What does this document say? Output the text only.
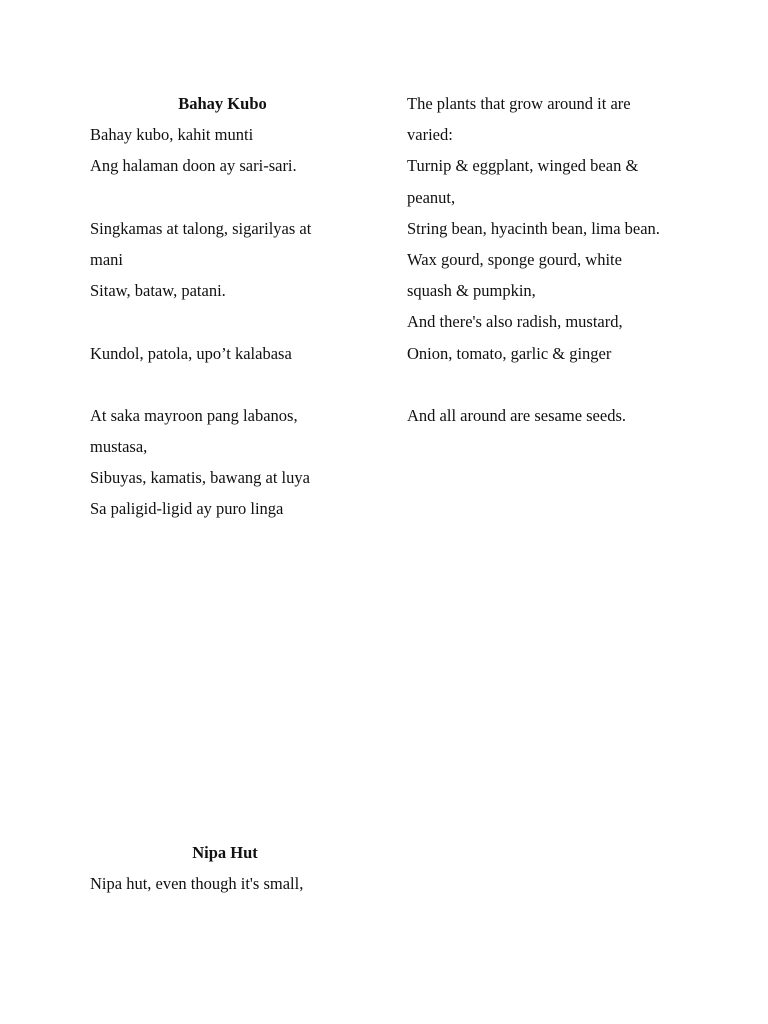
Bahay Kubo
Bahay kubo, kahit munti
Ang halaman doon ay sari-sari.
Singkamas at talong, sigarilyas at
mani
Sitaw, bataw, patani.
Kundol, patola, upo’t kalabasa
At saka mayroon pang labanos,
mustasa,
Sibuyas, kamatis, bawang at luya
Sa paligid-ligid ay puro linga
The plants that grow around it are
varied:
Turnip & eggplant, winged bean &
peanut,
String bean, hyacinth bean, lima bean.
Wax gourd, sponge gourd, white
squash & pumpkin,
And there's also radish, mustard,
Onion, tomato, garlic & ginger
And all around are sesame seeds.
Nipa Hut
Nipa hut, even though it's small,
